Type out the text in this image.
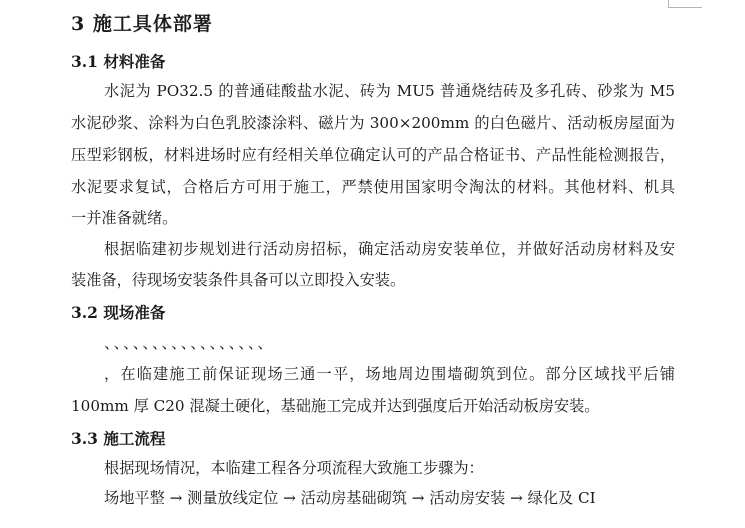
3 施工具体部署
3.1 材料准备
水泥为 PO32.5 的普通硅酸盐水泥、砖为 MU5 普通烧结砖及多孔砖、砂浆为 M5
水泥砂浆、涂料为白色乳胶漆涂料、磁片为 300×200mm 的白色磁片、活动板房屋面为
压型彩钢板，材料进场时应有经相关单位确定认可的产品合格证书、产品性能检测报告，
水泥要求复试，合格后方可用于施工，严禁使用国家明令淘汰的材料。其他材料、机具
一并准备就绪。
根据临建初步规划进行活动房招标，确定活动房安装单位，并做好活动房材料及安
装准备，待现场安装条件具备可以立即投入安装。
3.2 现场准备
、、、、、、、、、、、、、、、、、
，在临建施工前保证现场三通一平，场地周边围墙砌筑到位。部分区域找平后铺
100mm 厚 C20 混凝土硬化，基础施工完成并达到强度后开始活动板房安装。
3.3 施工流程
根据现场情况，本临建工程各分项流程大致施工步骤为：
场地平整 → 测量放线定位 → 活动房基础砌筑 → 活动房安装 → 绿化及 CI
